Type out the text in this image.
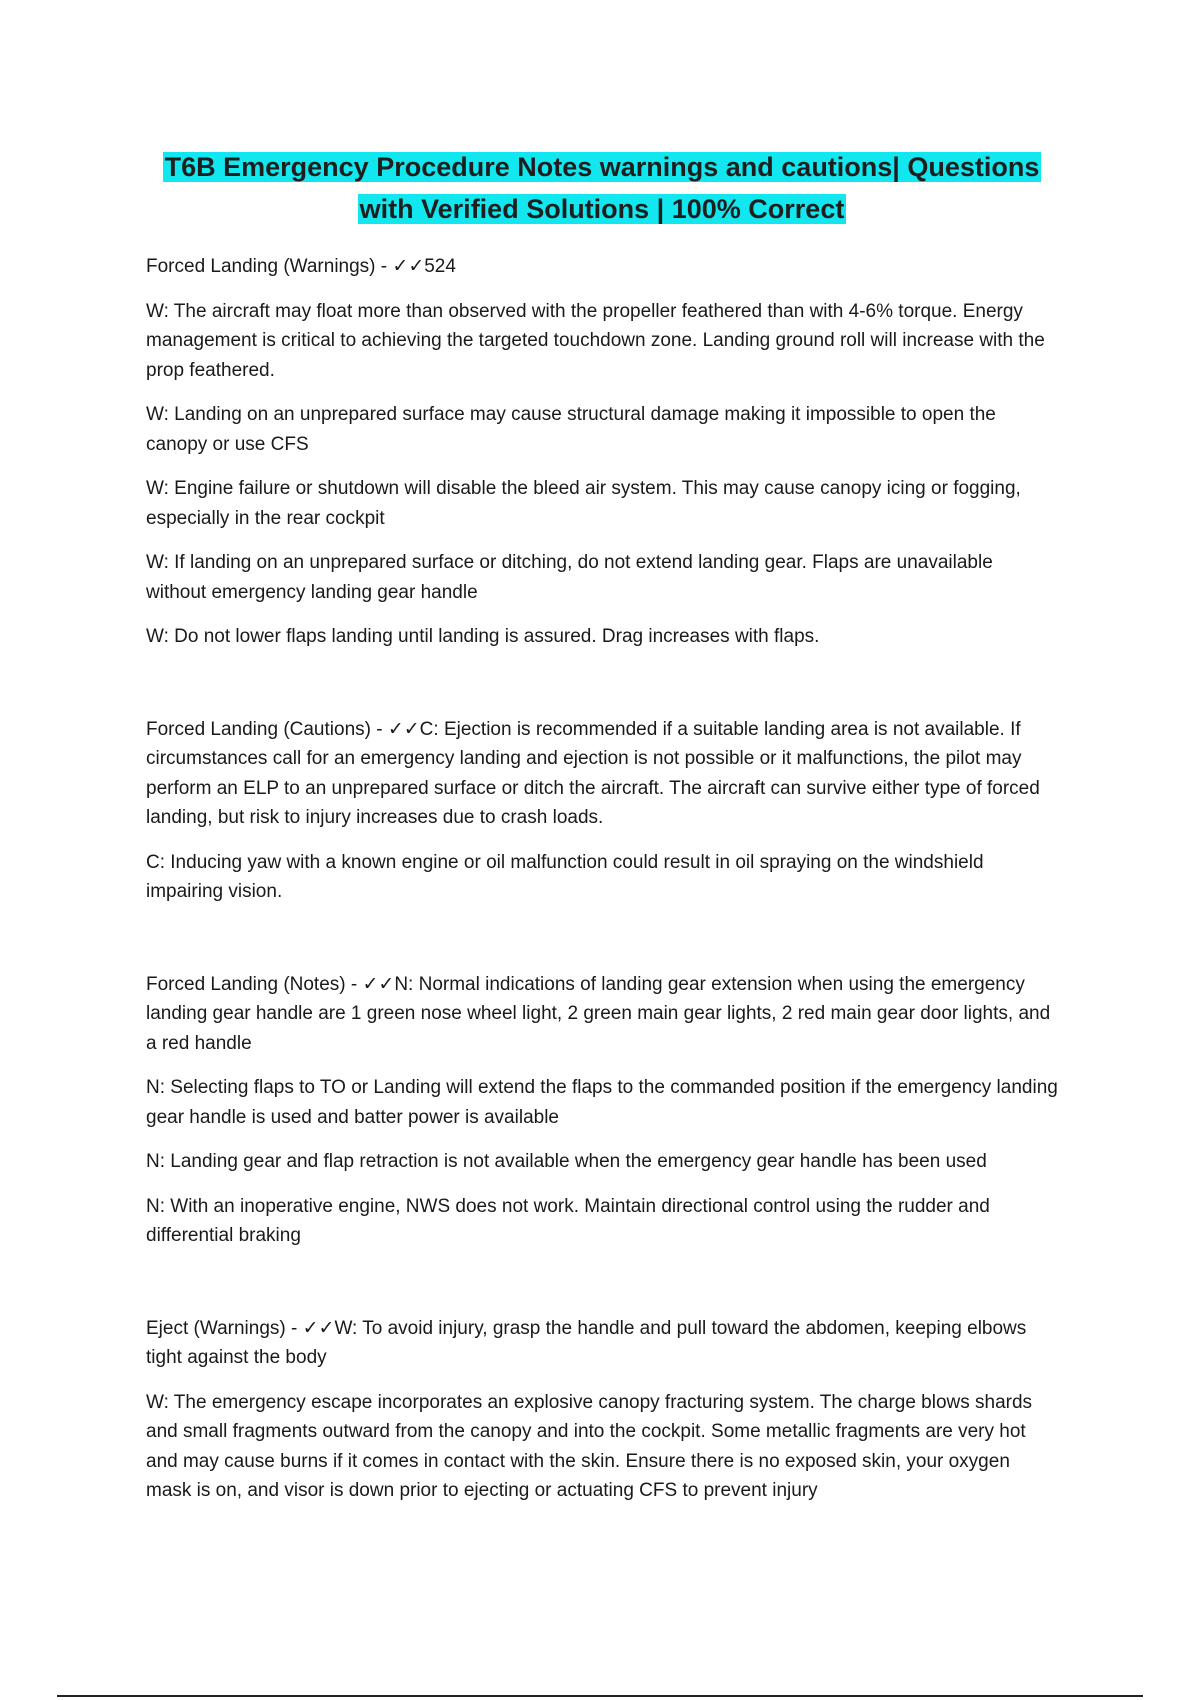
T6B Emergency Procedure Notes warnings and cautions| Questions
with Verified Solutions | 100% Correct

Forced Landing (Warnings) - ✓✓524

W: The aircraft may float more than observed with the propeller feathered than with 4-6% torque. Energy management is critical to achieving the targeted touchdown zone. Landing ground roll will increase with the prop feathered.

W: Landing on an unprepared surface may cause structural damage making it impossible to open the canopy or use CFS

W: Engine failure or shutdown will disable the bleed air system. This may cause canopy icing or fogging, especially in the rear cockpit

W: If landing on an unprepared surface or ditching, do not extend landing gear. Flaps are unavailable without emergency landing gear handle

W: Do not lower flaps landing until landing is assured. Drag increases with flaps.

Forced Landing (Cautions) - ✓✓C: Ejection is recommended if a suitable landing area is not available. If circumstances call for an emergency landing and ejection is not possible or it malfunctions, the pilot may perform an ELP to an unprepared surface or ditch the aircraft. The aircraft can survive either type of forced landing, but risk to injury increases due to crash loads.

C: Inducing yaw with a known engine or oil malfunction could result in oil spraying on the windshield impairing vision.

Forced Landing (Notes) - ✓✓N: Normal indications of landing gear extension when using the emergency landing gear handle are 1 green nose wheel light, 2 green main gear lights, 2 red main gear door lights, and a red handle

N: Selecting flaps to TO or Landing will extend the flaps to the commanded position if the emergency landing gear handle is used and batter power is available

N: Landing gear and flap retraction is not available when the emergency gear handle has been used

N: With an inoperative engine, NWS does not work. Maintain directional control using the rudder and differential braking

Eject (Warnings) - ✓✓W: To avoid injury, grasp the handle and pull toward the abdomen, keeping elbows tight against the body

W: The emergency escape incorporates an explosive canopy fracturing system. The charge blows shards and small fragments outward from the canopy and into the cockpit. Some metallic fragments are very hot and may cause burns if it comes in contact with the skin. Ensure there is no exposed skin, your oxygen mask is on, and visor is down prior to ejecting or actuating CFS to prevent injury
